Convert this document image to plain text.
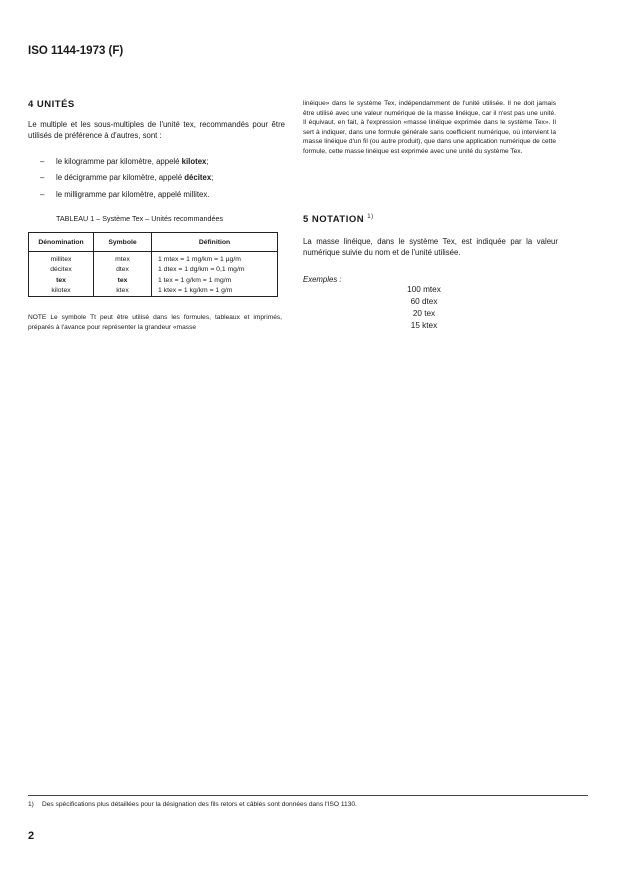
ISO 1144-1973 (F)
4 UNITÉS
Le multiple et les sous-multiples de l'unité tex, recommandés pour être utilisés de préférence à d'autres, sont :
– le kilogramme par kilomètre, appelé kilotex;
– le décigramme par kilomètre, appelé décitex;
– le milligramme par kilomètre, appelé millitex.
TABLEAU 1 – Système Tex – Unités recommandées
Dénomination	Symbole	Définition
millitex	mtex	1 mtex = 1 mg/km = 1 µg/m
décitex	dtex	1 dtex = 1 dg/km = 0,1 mg/m
tex	tex	1 tex = 1 g/km = 1 mg/m
kilotex	ktex	1 ktex = 1 kg/km = 1 g/m
NOTE Le symbole Tt peut être utilisé dans les formules, tableaux et imprimés, préparés à l'avance pour représenter la grandeur «masse
linéique» dans le système Tex, indépendamment de l'unité utilisée. Il ne doit jamais être utilisé avec une valeur numérique de la masse linéique, car il n'est pas une unité. Il équivaut, en fait, à l'expression «masse linéique exprimée dans le système Tex». Il sert à indiquer, dans une formule générale sans coefficient numérique, où intervient la masse linéique d'un fil (ou autre produit), que dans une application numérique de cette formule, cette masse linéique est exprimée avec une unité du système Tex.
5 NOTATION $^{1)}$
La masse linéique, dans le système Tex, est indiquée par la valeur numérique suivie du nom et de l'unité utilisée.
Exemples :
100 mtex
60 dtex
20 tex
15 ktex
1) Des spécifications plus détaillées pour la désignation des fils retors et câblés sont données dans l'ISO 1130.
2
